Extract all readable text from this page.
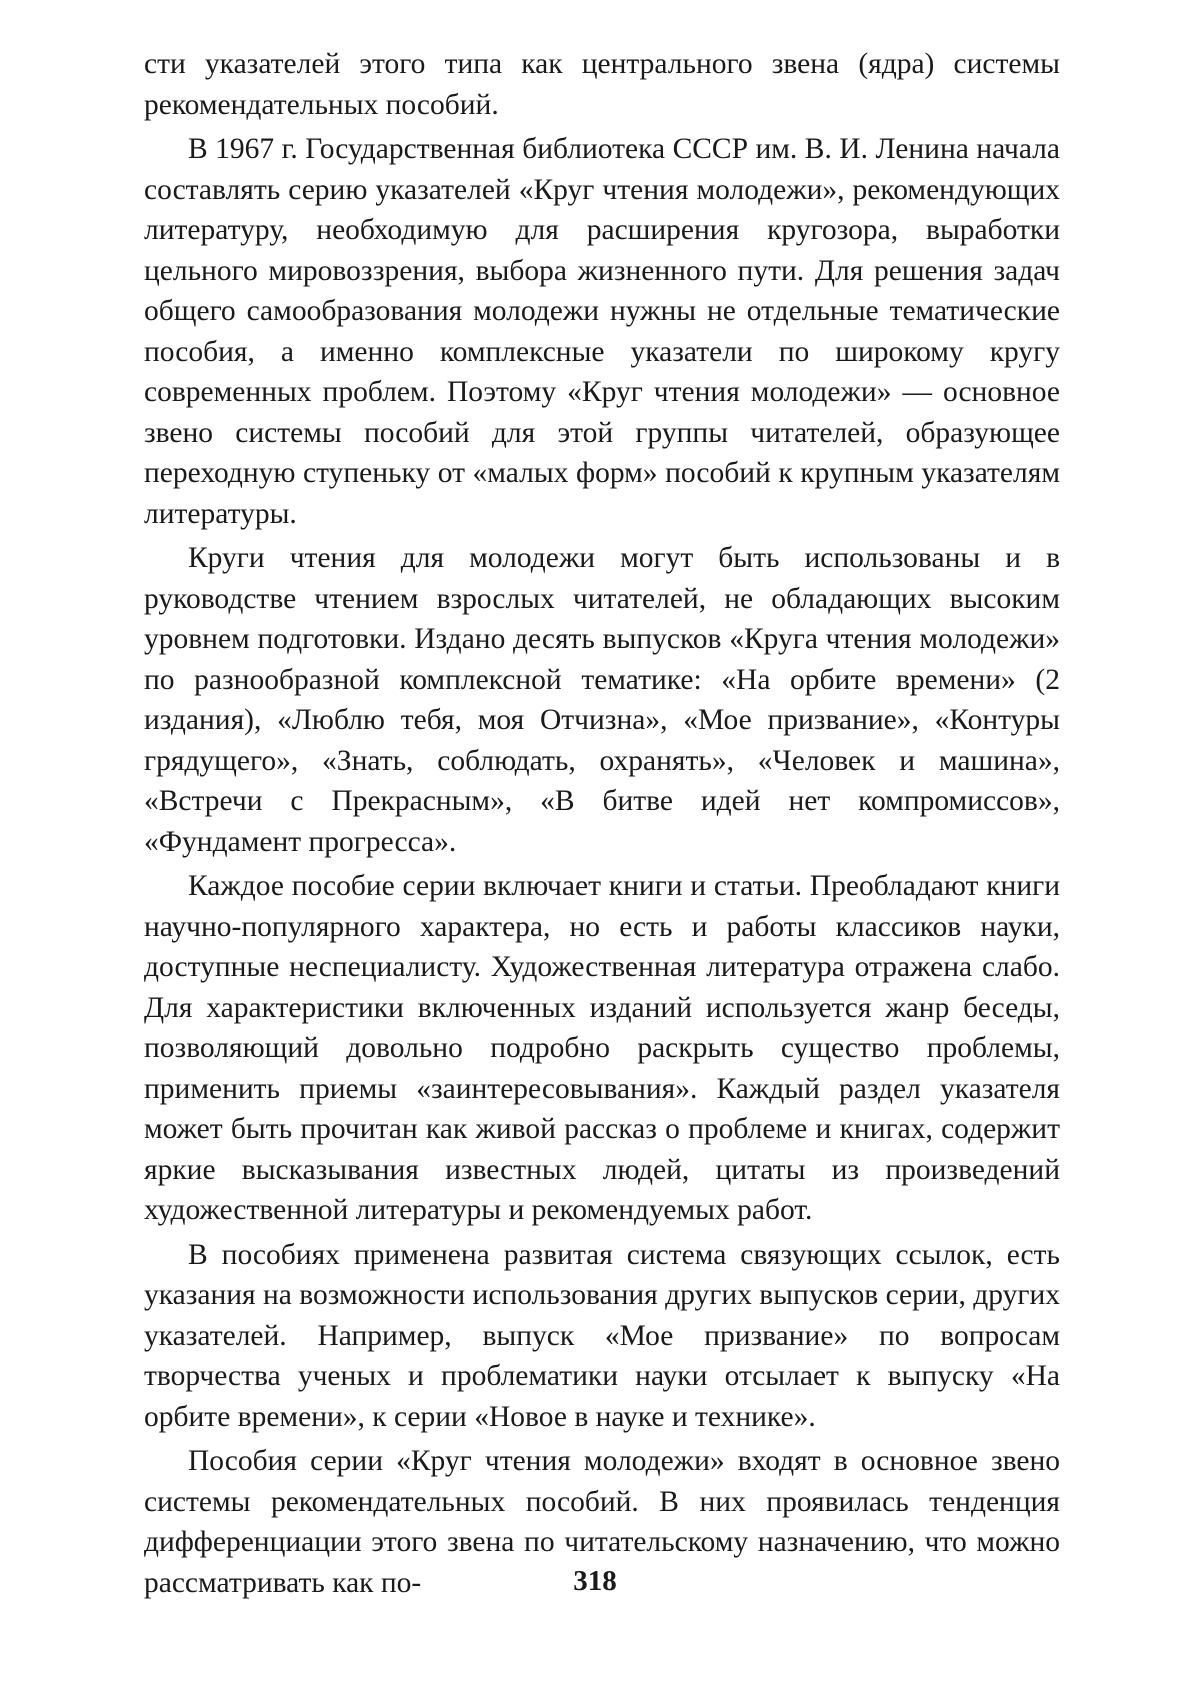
сти указателей этого типа как центрального звена (ядра) системы рекомендательных пособий.

В 1967 г. Государственная библиотека СССР им. В. И. Ленина начала составлять серию указателей «Круг чтения молодежи», рекомендующих литературу, необходимую для расширения кругозора, выработки цельного мировоззрения, выбора жизненного пути. Для решения задач общего самообразования молодежи нужны не отдельные тематические пособия, а именно комплексные указатели по широкому кругу современных проблем. Поэтому «Круг чтения молодежи» — основное звено системы пособий для этой группы читателей, образующее переходную ступеньку от «малых форм» пособий к крупным указателям литературы.

Круги чтения для молодежи могут быть использованы и в руководстве чтением взрослых читателей, не обладающих высоким уровнем подготовки. Издано десять выпусков «Круга чтения молодежи» по разнообразной комплексной тематике: «На орбите времени» (2 издания), «Люблю тебя, моя Отчизна», «Мое призвание», «Контуры грядущего», «Знать, соблюдать, охранять», «Человек и машина», «Встречи с Прекрасным», «В битве идей нет компромиссов», «Фундамент прогресса».

Каждое пособие серии включает книги и статьи. Преобладают книги научно-популярного характера, но есть и работы классиков науки, доступные неспециалисту. Художественная литература отражена слабо. Для характеристики включенных изданий используется жанр беседы, позволяющий довольно подробно раскрыть существо проблемы, применить приемы «заинтересовывания». Каждый раздел указателя может быть прочитан как живой рассказ о проблеме и книгах, содержит яркие высказывания известных людей, цитаты из произведений художественной литературы и рекомендуемых работ.

В пособиях применена развитая система связующих ссылок, есть указания на возможности использования других выпусков серии, других указателей. Например, выпуск «Мое призвание» по вопросам творчества ученых и проблематики науки отсылает к выпуску «На орбите времени», к серии «Новое в науке и технике».

Пособия серии «Круг чтения молодежи» входят в основное звено системы рекомендательных пособий. В них проявилась тенденция дифференциации этого звена по читательскому назначению, что можно рассматривать как по-	318
